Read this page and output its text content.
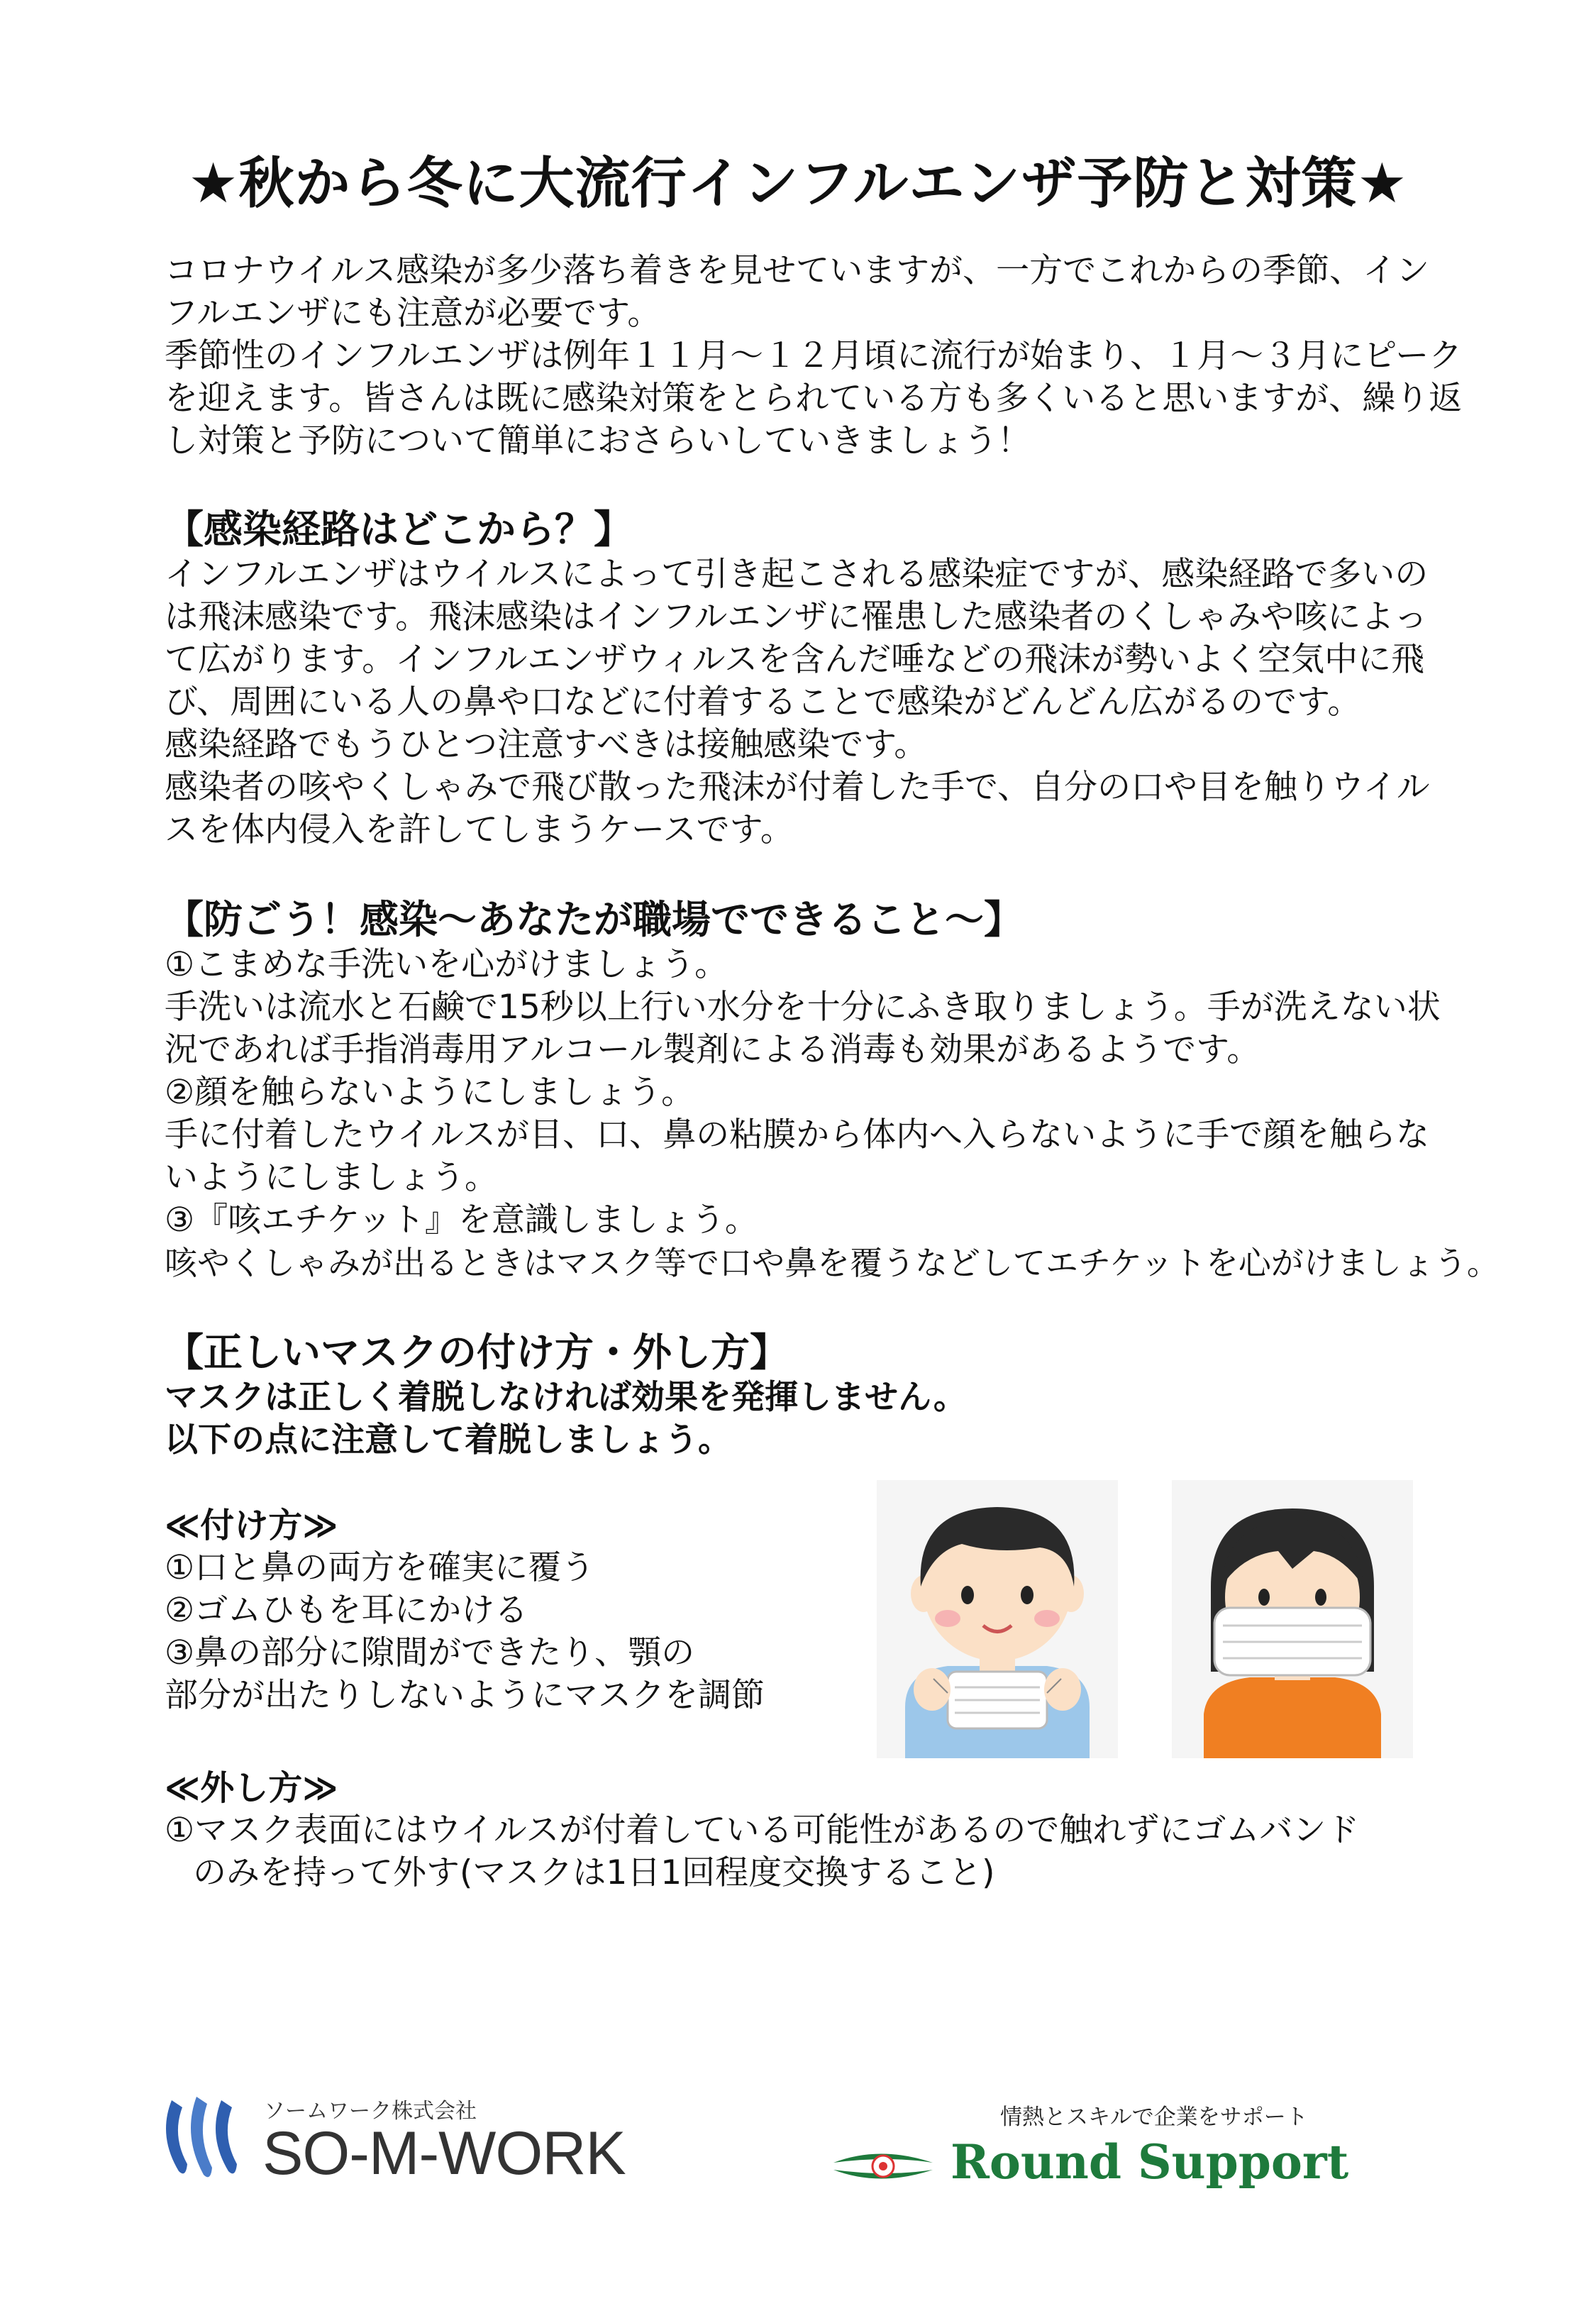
★秋から冬に大流行インフルエンザ予防と対策★
コロナウイルス感染が多少落ち着きを見せていますが、一方でこれからの季節、イン
フルエンザにも注意が必要です。
季節性のインフルエンザは例年１１月～１２月頃に流行が始まり、１月～３月にピーク
を迎えます。皆さんは既に感染対策をとられている方も多くいると思いますが、繰り返
し対策と予防について簡単におさらいしていきましょう！
【感染経路はどこから？】
インフルエンザはウイルスによって引き起こされる感染症ですが、感染経路で多いの
は飛沫感染です。飛沫感染はインフルエンザに罹患した感染者のくしゃみや咳によっ
て広がります。インフルエンザウィルスを含んだ唾などの飛沫が勢いよく空気中に飛
び、周囲にいる人の鼻や口などに付着することで感染がどんどん広がるのです。
感染経路でもうひとつ注意すべきは接触感染です。
感染者の咳やくしゃみで飛び散った飛沫が付着した手で、自分の口や目を触りウイル
スを体内侵入を許してしまうケースです。
【防ごう！感染～あなたが職場でできること～】
①こまめな手洗いを心がけましょう。
手洗いは流水と石鹸で15秒以上行い水分を十分にふき取りましょう。手が洗えない状
況であれば手指消毒用アルコール製剤による消毒も効果があるようです。
②顔を触らないようにしましょう。
手に付着したウイルスが目、口、鼻の粘膜から体内へ入らないように手で顔を触らな
いようにしましょう。
③『咳エチケット』を意識しましょう。
咳やくしゃみが出るときはマスク等で口や鼻を覆うなどしてエチケットを心がけましょう。
【正しいマスクの付け方・外し方】
マスクは正しく着脱しなければ効果を発揮しません。
以下の点に注意して着脱しましょう。
≪付け方≫
①口と鼻の両方を確実に覆う
②ゴムひもを耳にかける
③鼻の部分に隙間ができたり、顎の
部分が出たりしないようにマスクを調節
≪外し方≫
①マスク表面にはウイルスが付着している可能性があるので触れずにゴムバンド
のみを持って外す(マスクは1日1回程度交換すること)
ソームワーク株式会社
SO-M-WORK
情熱とスキルで企業をサポート
Round Support
